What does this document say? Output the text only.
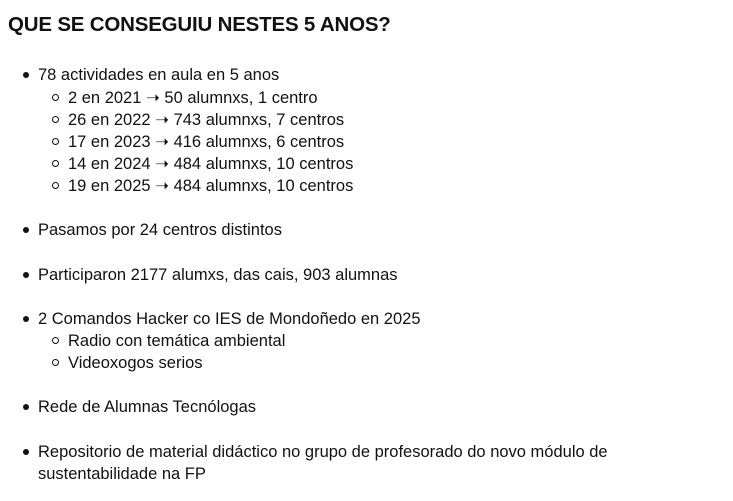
QUE SE CONSEGUIU NESTES 5 ANOS?
78 actividades en aula en 5 anos
2 en 2021 ➝ 50 alumnxs, 1 centro
26 en 2022 ➝ 743 alumnxs, 7 centros
17 en 2023 ➝ 416 alumnxs, 6 centros
14 en 2024 ➝ 484 alumnxs, 10 centros
19 en 2025 ➝ 484 alumnxs, 10 centros
Pasamos por 24 centros distintos
Participaron 2177 alumxs, das cais, 903 alumnas
2 Comandos Hacker co IES de Mondoñedo en 2025
Radio con temática ambiental
Videoxogos serios
Rede de Alumnas Tecnólogas
Repositorio de material didáctico no grupo de profesorado do novo módulo de sustentabilidade na FP
